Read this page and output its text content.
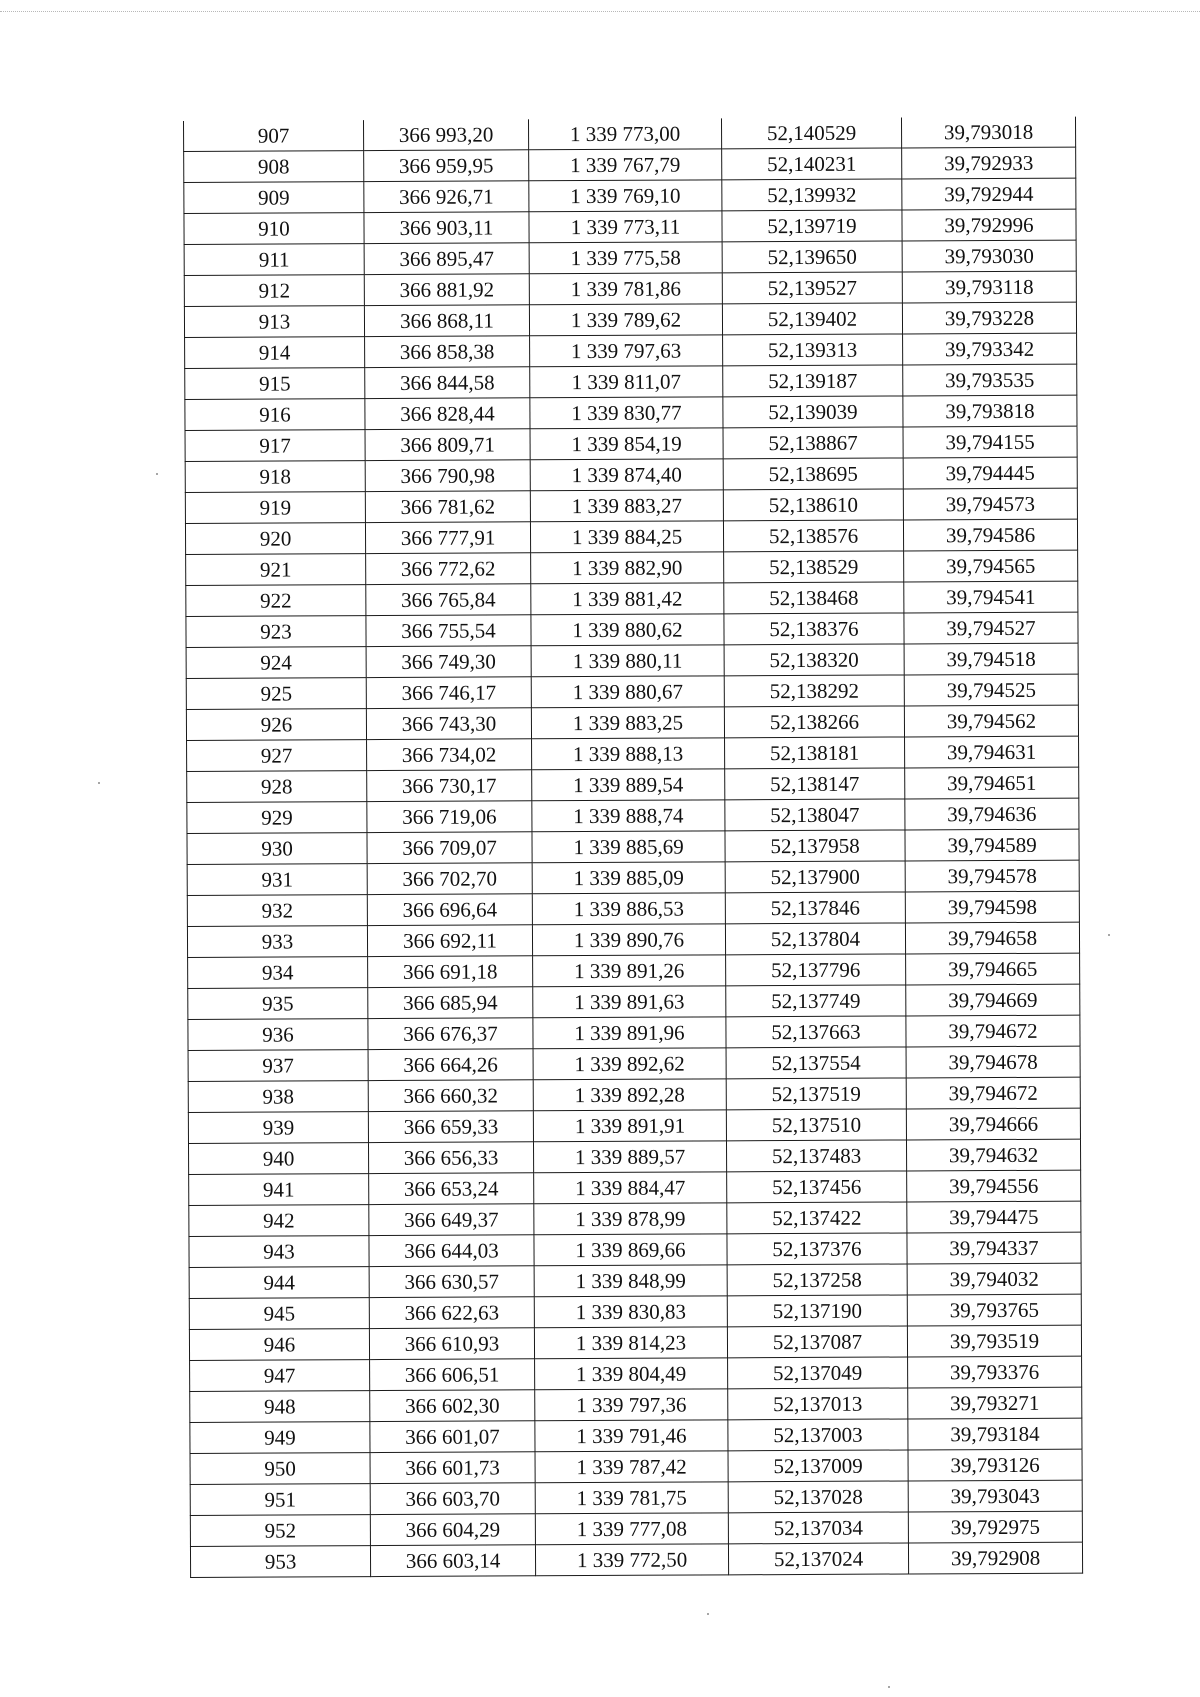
907	366 993,20	1 339 773,00	52,140529	39,793018
908	366 959,95	1 339 767,79	52,140231	39,792933
909	366 926,71	1 339 769,10	52,139932	39,792944
910	366 903,11	1 339 773,11	52,139719	39,792996
911	366 895,47	1 339 775,58	52,139650	39,793030
912	366 881,92	1 339 781,86	52,139527	39,793118
913	366 868,11	1 339 789,62	52,139402	39,793228
914	366 858,38	1 339 797,63	52,139313	39,793342
915	366 844,58	1 339 811,07	52,139187	39,793535
916	366 828,44	1 339 830,77	52,139039	39,793818
917	366 809,71	1 339 854,19	52,138867	39,794155
918	366 790,98	1 339 874,40	52,138695	39,794445
919	366 781,62	1 339 883,27	52,138610	39,794573
920	366 777,91	1 339 884,25	52,138576	39,794586
921	366 772,62	1 339 882,90	52,138529	39,794565
922	366 765,84	1 339 881,42	52,138468	39,794541
923	366 755,54	1 339 880,62	52,138376	39,794527
924	366 749,30	1 339 880,11	52,138320	39,794518
925	366 746,17	1 339 880,67	52,138292	39,794525
926	366 743,30	1 339 883,25	52,138266	39,794562
927	366 734,02	1 339 888,13	52,138181	39,794631
928	366 730,17	1 339 889,54	52,138147	39,794651
929	366 719,06	1 339 888,74	52,138047	39,794636
930	366 709,07	1 339 885,69	52,137958	39,794589
931	366 702,70	1 339 885,09	52,137900	39,794578
932	366 696,64	1 339 886,53	52,137846	39,794598
933	366 692,11	1 339 890,76	52,137804	39,794658
934	366 691,18	1 339 891,26	52,137796	39,794665
935	366 685,94	1 339 891,63	52,137749	39,794669
936	366 676,37	1 339 891,96	52,137663	39,794672
937	366 664,26	1 339 892,62	52,137554	39,794678
938	366 660,32	1 339 892,28	52,137519	39,794672
939	366 659,33	1 339 891,91	52,137510	39,794666
940	366 656,33	1 339 889,57	52,137483	39,794632
941	366 653,24	1 339 884,47	52,137456	39,794556
942	366 649,37	1 339 878,99	52,137422	39,794475
943	366 644,03	1 339 869,66	52,137376	39,794337
944	366 630,57	1 339 848,99	52,137258	39,794032
945	366 622,63	1 339 830,83	52,137190	39,793765
946	366 610,93	1 339 814,23	52,137087	39,793519
947	366 606,51	1 339 804,49	52,137049	39,793376
948	366 602,30	1 339 797,36	52,137013	39,793271
949	366 601,07	1 339 791,46	52,137003	39,793184
950	366 601,73	1 339 787,42	52,137009	39,793126
951	366 603,70	1 339 781,75	52,137028	39,793043
952	366 604,29	1 339 777,08	52,137034	39,792975
953	366 603,14	1 339 772,50	52,137024	39,792908
